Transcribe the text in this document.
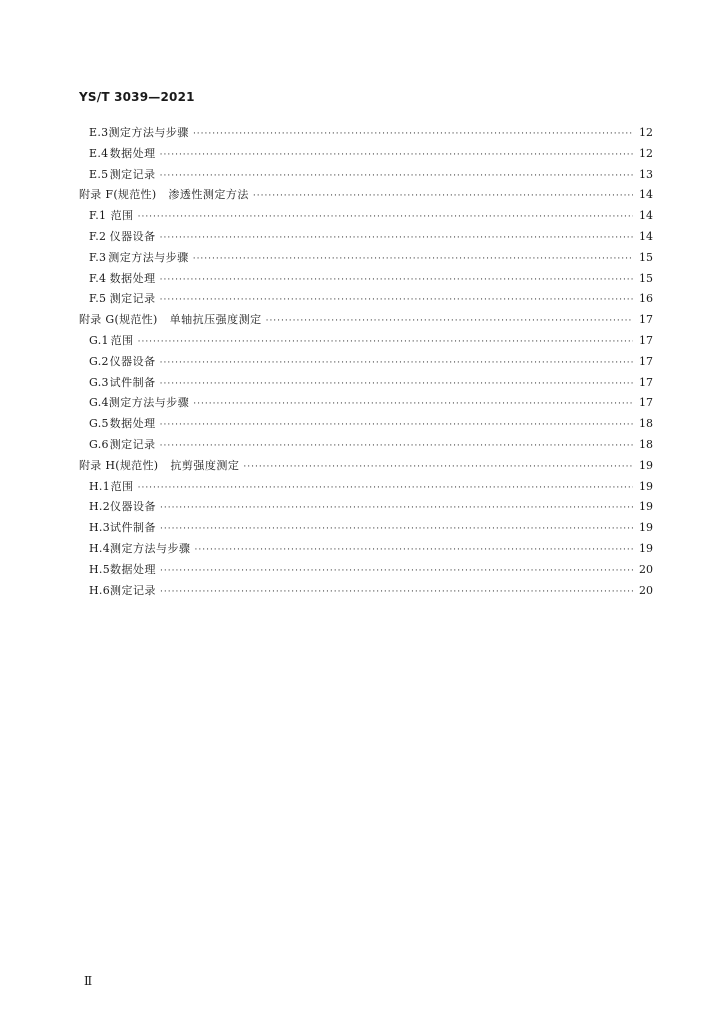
YS/T 3039—2021
E.3 测定方法与步骤 ·····	12
E.4 数据处理 ·····	12
E.5 测定记录 ·····	13
附录 F(规范性) 渗透性测定方法 ·····	14
F.1 范围 ·····	14
F.2 仪器设备 ·····	14
F.3 测定方法与步骤 ·····	15
F.4 数据处理 ·····	15
F.5 测定记录 ·····	16
附录 G(规范性) 单轴抗压强度测定 ·····	17
G.1 范围 ·····	17
G.2 仪器设备 ·····	17
G.3 试件制备 ·····	17
G.4 测定方法与步骤 ·····	17
G.5 数据处理 ·····	18
G.6 测定记录 ·····	18
附录 H(规范性) 抗剪强度测定 ·····	19
H.1 范围 ·····	19
H.2 仪器设备 ·····	19
H.3 试件制备 ·····	19
H.4 测定方法与步骤 ·····	19
H.5 数据处理 ·····	20
H.6 测定记录 ·····	20
Ⅱ
